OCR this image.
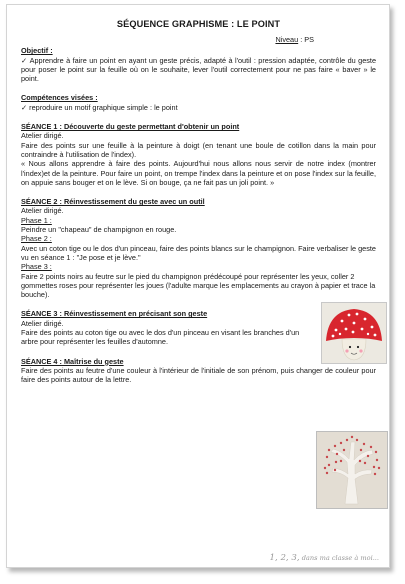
SÉQUENCE GRAPHISME : LE POINT
Niveau : PS
Objectif :
✓ Apprendre à faire un point en ayant un geste précis, adapté à l'outil : pression adaptée, contrôle du geste pour poser le point sur la feuille où on le souhaite, lever l'outil correctement pour ne pas faire « baver » le point.
Compétences visées :
✓ reproduire un motif graphique simple : le point
SÉANCE 1 : Découverte du geste permettant d'obtenir un point
Atelier dirigé.
Faire des points sur une feuille à la peinture à doigt (en tenant une boule de cotillon dans la main pour contraindre à l'utilisation de l'index).
« Nous allons apprendre à faire des points. Aujourd'hui nous allons nous servir de notre index (montrer l'index)et de la peinture. Pour faire un point, on trempe l'index dans la peinture et on pose l'index sur la feuille, on appuie sans bouger et on le lève. Si on bouge, ça ne fait pas un joli point. »
SÉANCE 2 : Réinvestissement du geste avec un outil
Atelier dirigé.
Phase 1 :
Peindre un "chapeau" de champignon en rouge.
Phase 2 :
Avec un coton tige ou le dos d'un pinceau, faire des points blancs sur le champignon. Faire verbaliser le geste vu en séance 1 : "Je pose et je lève."
Phase 3 :
Faire 2 points noirs au feutre sur le pied du champignon prédécoupé pour représenter les yeux, coller 2 gommettes roses pour représenter les joues (l'adulte marque les emplacements au crayon à papier et trace la bouche).
SÉANCE 3 : Réinvestissement en précisant son geste
Atelier dirigé.
Faire des points au coton tige ou avec le dos d'un pinceau en visant les branches d'un arbre pour représenter les feuilles d'automne.
SÉANCE 4 : Maîtrise du geste
Faire des points au feutre d'une couleur à l'intérieur de l'initiale de son prénom, puis changer de couleur pour faire des points autour de la lettre.
1, 2, 3, dans ma classe à moi...
